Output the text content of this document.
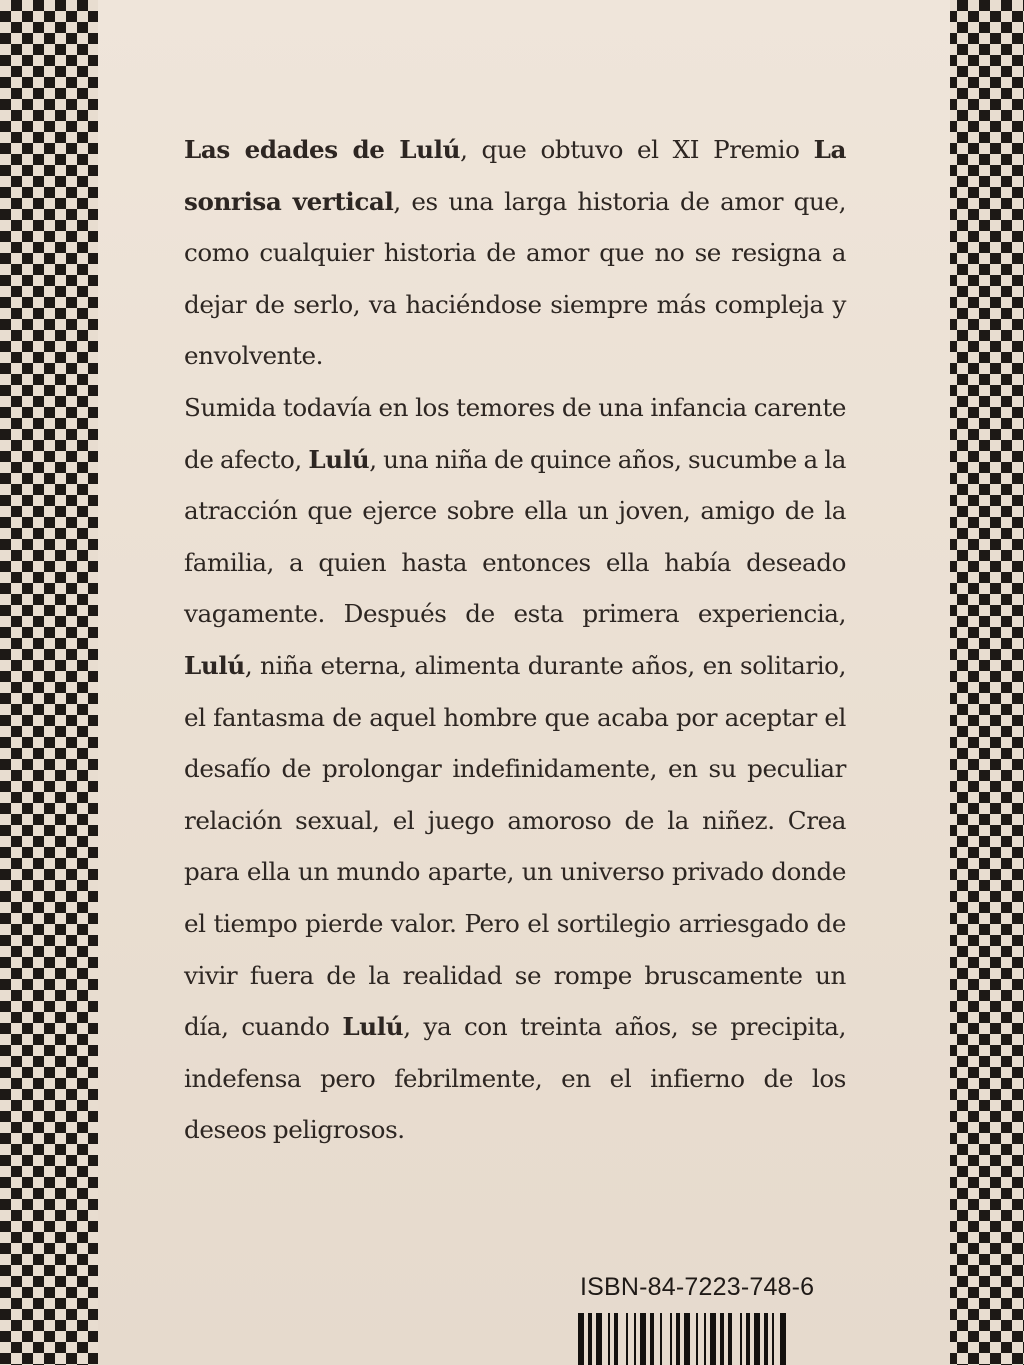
Las edades de Lulú, que obtuvo el XI Premio La sonrisa vertical, es una larga historia de amor que, como cualquier historia de amor que no se resigna a dejar de serlo, va haciéndose siempre más compleja y envolvente.

Sumida todavía en los temores de una infancia carente de afecto, Lulú, una niña de quince años, sucumbe a la atracción que ejerce sobre ella un joven, amigo de la familia, a quien hasta entonces ella había deseado vagamente. Después de esta primera experiencia, Lulú, niña eterna, alimenta durante años, en solitario, el fantasma de aquel hombre que acaba por aceptar el desafío de prolongar indefinidamente, en su peculiar relación sexual, el juego amoroso de la niñez. Crea para ella un mundo aparte, un universo privado donde el tiempo pierde valor. Pero el sortilegio arriesgado de vivir fuera de la realidad se rompe bruscamente un día, cuando Lulú, ya con treinta años, se precipita, indefensa pero febrilmente, en el infierno de los deseos peligrosos.

ISBN-84-7223-748-6
